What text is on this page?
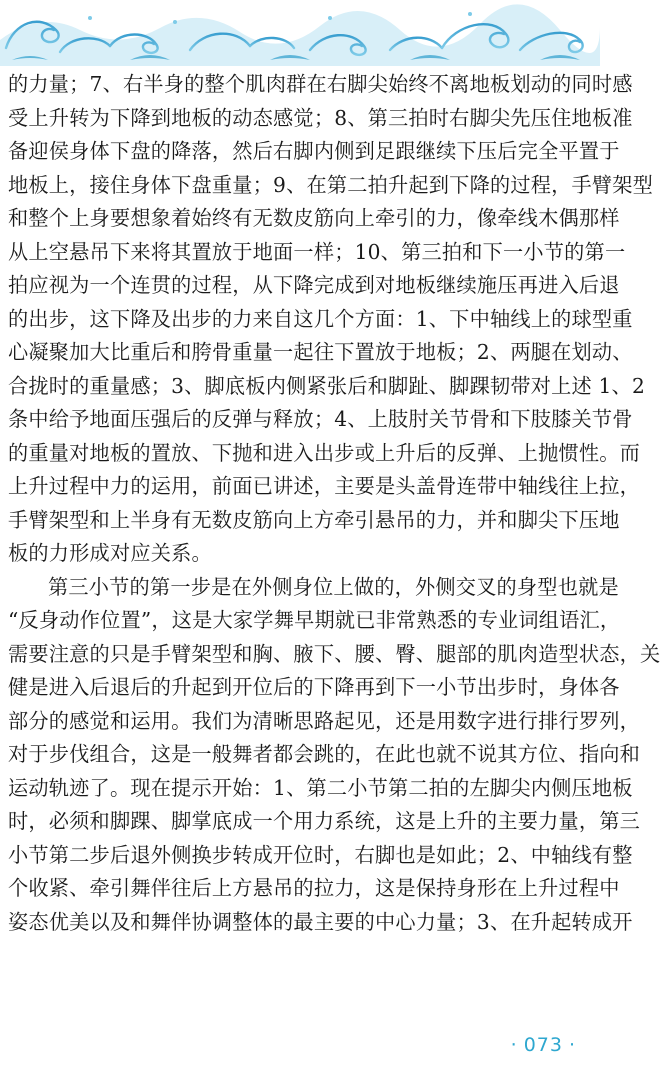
的力量；7、右半身的整个肌肉群在右脚尖始终不离地板划动的同时感
受上升转为下降到地板的动态感觉；8、第三拍时右脚尖先压住地板准
备迎侯身体下盘的降落，然后右脚内侧到足跟继续下压后完全平置于
地板上，接住身体下盘重量；9、在第二拍升起到下降的过程，手臂架型
和整个上身要想象着始终有无数皮筋向上牵引的力，像牵线木偶那样
从上空悬吊下来将其置放于地面一样；10、第三拍和下一小节的第一
拍应视为一个连贯的过程，从下降完成到对地板继续施压再进入后退
的出步，这下降及出步的力来自这几个方面：1、下中轴线上的球型重
心凝聚加大比重后和胯骨重量一起往下置放于地板；2、两腿在划动、
合拢时的重量感；3、脚底板内侧紧张后和脚趾、脚踝韧带对上述 1、2
条中给予地面压强后的反弹与释放；4、上肢肘关节骨和下肢膝关节骨
的重量对地板的置放、下抛和进入出步或上升后的反弹、上抛惯性。而
上升过程中力的运用，前面已讲述，主要是头盖骨连带中轴线往上拉，
手臂架型和上半身有无数皮筋向上方牵引悬吊的力，并和脚尖下压地
板的力形成对应关系。
第三小节的第一步是在外侧身位上做的，外侧交叉的身型也就是
“反身动作位置”，这是大家学舞早期就已非常熟悉的专业词组语汇，
需要注意的只是手臂架型和胸、腋下、腰、臀、腿部的肌肉造型状态，关
健是进入后退后的升起到开位后的下降再到下一小节出步时，身体各
部分的感觉和运用。我们为清晰思路起见，还是用数字进行排行罗列，
对于步伐组合，这是一般舞者都会跳的，在此也就不说其方位、指向和
运动轨迹了。现在提示开始：1、第二小节第二拍的左脚尖内侧压地板
时，必须和脚踝、脚掌底成一个用力系统，这是上升的主要力量，第三
小节第二步后退外侧换步转成开位时，右脚也是如此；2、中轴线有整
个收紧、牵引舞伴往后上方悬吊的拉力，这是保持身形在上升过程中
姿态优美以及和舞伴协调整体的最主要的中心力量；3、在升起转成开
· 073 ·
